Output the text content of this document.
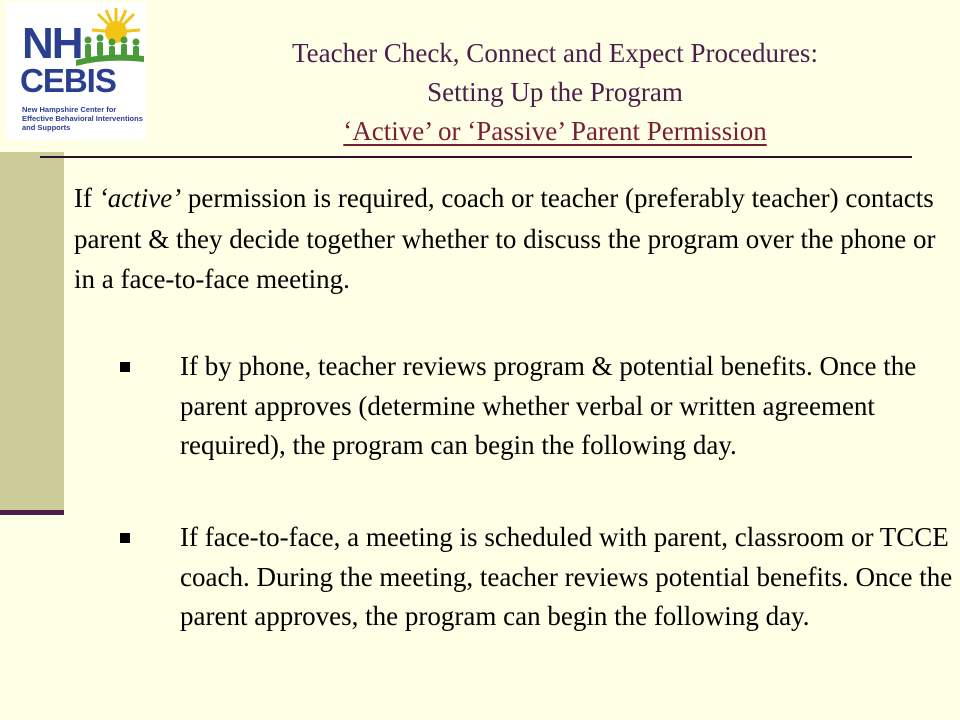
NH
CEBIS
New Hampshire Center for Effective Behavioral Interventions and Supports
Teacher Check, Connect and Expect Procedures:
Setting Up the Program
‘Active’ or ‘Passive’ Parent Permission
If ‘active’ permission is required, coach or teacher (preferably teacher) contacts parent & they decide together whether to discuss the program over the phone or in a face-to-face meeting.
If by phone, teacher reviews program & potential benefits. Once the parent approves (determine whether verbal or written agreement required), the program can begin the following day.
If face-to-face, a meeting is scheduled with parent, classroom or TCCE coach. During the meeting, teacher reviews potential benefits. Once the parent approves, the program can begin the following day.
